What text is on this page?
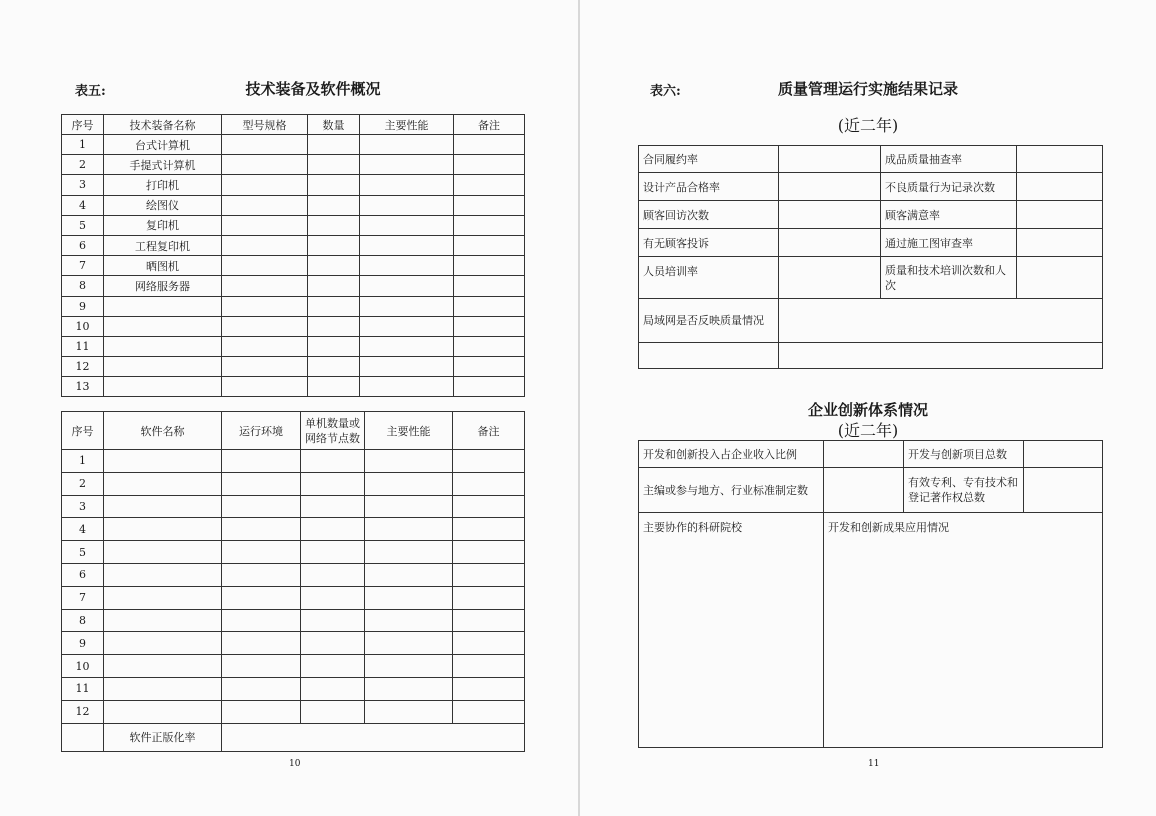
表五:	技术装备及软件概况
序号	技术装备名称	型号规格	数量	主要性能	备注
1	台式计算机				
2	手提式计算机				
3	打印机				
4	绘图仪				
5	复印机				
6	工程复印机				
7	晒图机				
8	网络服务器				
9					
10					
11					
12					
13					
序号	软件名称	运行环境	单机数量或网络节点数	主要性能	备注
1					
2					
3					
4					
5					
6					
7					
8					
9					
10					
11					
12					
	软件正版化率				
10
表六:	质量管理运行实施结果记录
(近二年)
合同履约率		成品质量抽查率	
设计产品合格率		不良质量行为记录次数	
顾客回访次数		顾客满意率	
有无顾客投诉		通过施工图审查率	
人员培训率		质量和技术培训次数和人次	
局域网是否反映质量情况			

企业创新体系情况
(近二年)
开发和创新投入占企业收入比例		开发与创新项目总数	
主编或参与地方、行业标准制定数		有效专利、专有技术和登记著作权总数	
主要协作的科研院校	开发和创新成果应用情况		
11
